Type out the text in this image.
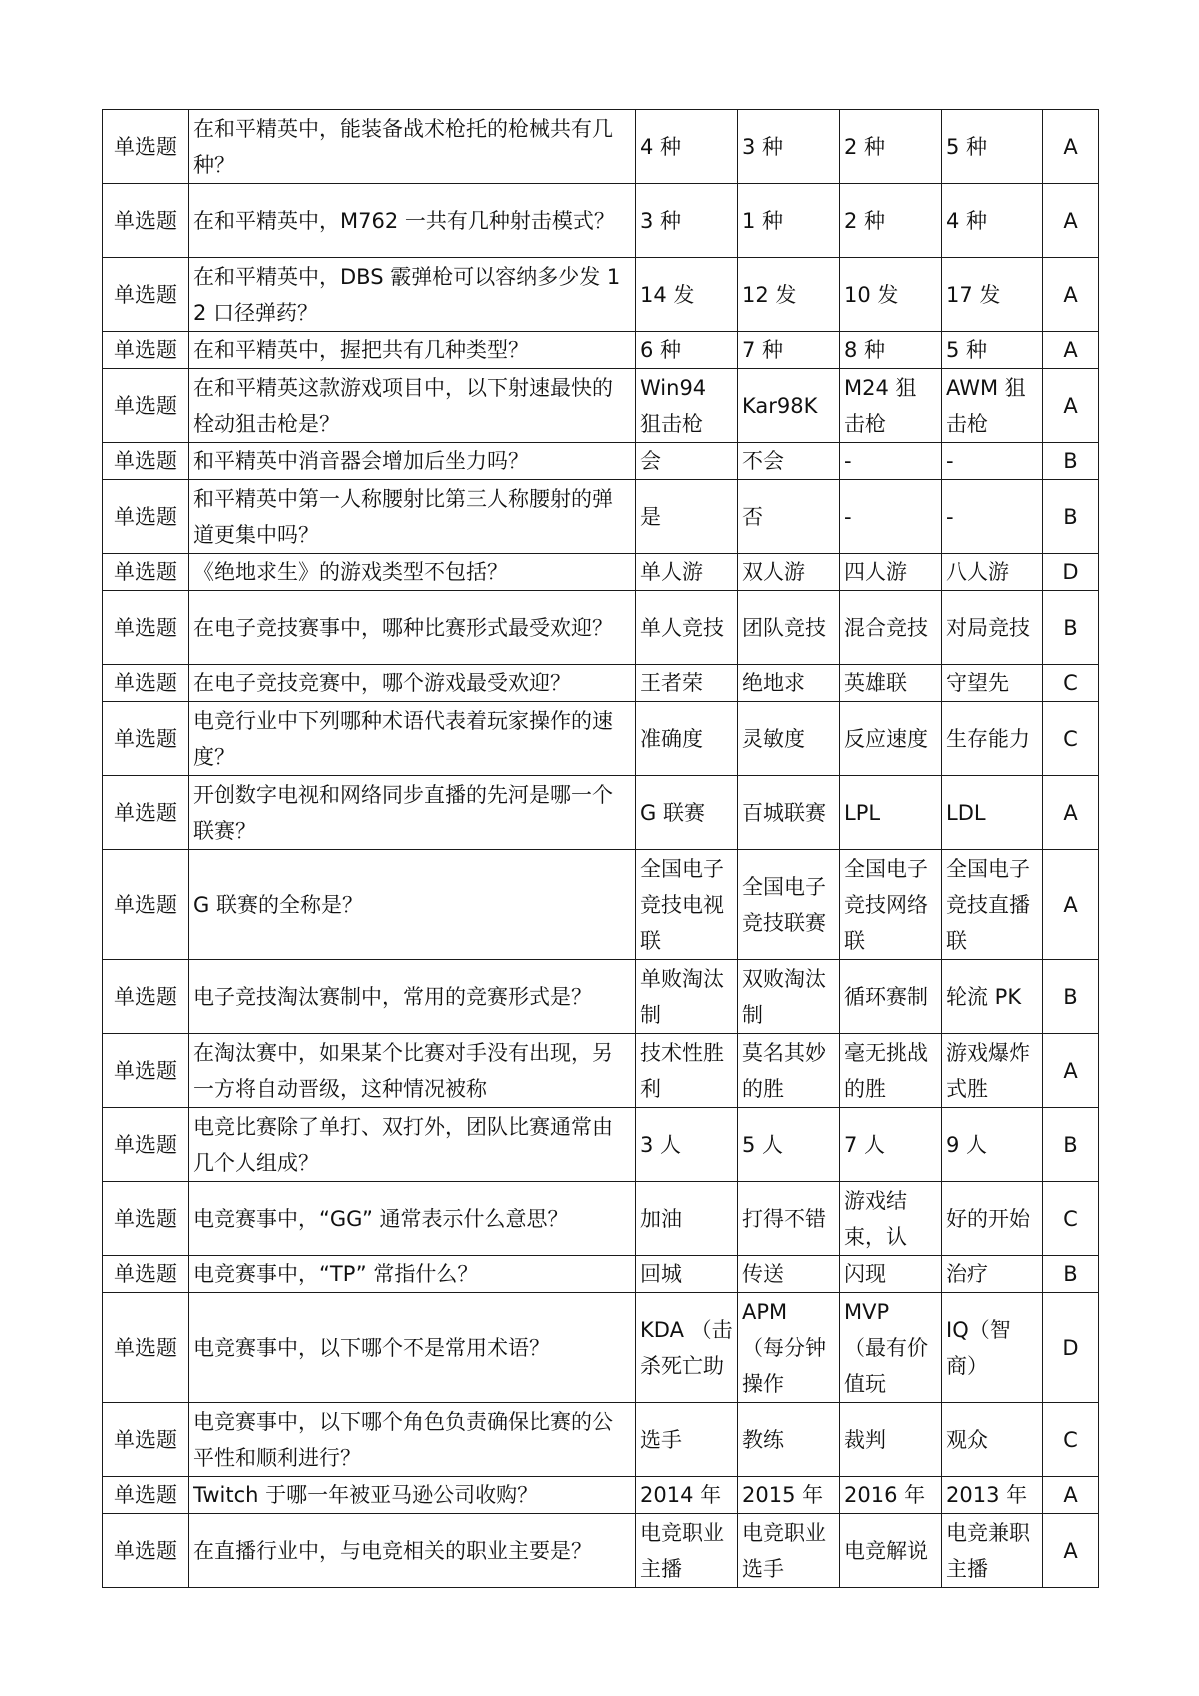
单选题	在和平精英中，能装备战术枪托的枪械共有几种？	4 种	3 种	2 种	5 种	A

单选题	在和平精英中，M762 一共有几种射击模式？	3 种	1 种	2 种	4 种	A

单选题	在和平精英中，DBS 霰弹枪可以容纳多少发 12 口径弹药？	14 发	12 发	10 发	17 发	A

单选题	在和平精英中，握把共有几种类型？	6 种	7 种	8 种	5 种	A

单选题	在和平精英这款游戏项目中，以下射速最快的栓动狙击枪是？	Win94 狙击枪	Kar98K	M24 狙击枪	AWM 狙击枪	A

单选题	和平精英中消音器会增加后坐力吗？	会	不会	-	-	B

单选题	和平精英中第一人称腰射比第三人称腰射的弹道更集中吗？	是	否	-	-	B

单选题	《绝地求生》的游戏类型不包括？	单人游	双人游	四人游	八人游	D

单选题	在电子竞技赛事中，哪种比赛形式最受欢迎？	单人竞技	团队竞技	混合竞技	对局竞技	B

单选题	在电子竞技竞赛中，哪个游戏最受欢迎？	王者荣	绝地求	英雄联	守望先	C

单选题	电竞行业中下列哪种术语代表着玩家操作的速度？	准确度	灵敏度	反应速度	生存能力	C

单选题	开创数字电视和网络同步直播的先河是哪一个联赛？	G 联赛	百城联赛	LPL	LDL	A

单选题	G 联赛的全称是？	全国电子竞技电视联	全国电子竞技联赛	全国电子竞技网络联	全国电子竞技直播联	A

单选题	电子竞技淘汰赛制中，常用的竞赛形式是？	单败淘汰制	双败淘汰制	循环赛制	轮流 PK	B

单选题	在淘汰赛中，如果某个比赛对手没有出现，另一方将自动晋级，这种情况被称	技术性胜利	莫名其妙的胜	毫无挑战的胜	游戏爆炸式胜	A

单选题	电竞比赛除了单打、双打外，团队比赛通常由几个人组成？	3 人	5 人	7 人	9 人	B

单选题	电竞赛事中，“GG” 通常表示什么意思？	加油	打得不错	游戏结束，认	好的开始	C

单选题	电竞赛事中，“TP” 常指什么？	回城	传送	闪现	治疗	B

单选题	电竞赛事中，以下哪个不是常用术语？	KDA （击杀死亡助	APM （每分钟操作	MVP （最有价值玩	IQ（智商）	D

单选题	电竞赛事中，以下哪个角色负责确保比赛的公平性和顺利进行？	选手	教练	裁判	观众	C

单选题	Twitch 于哪一年被亚马逊公司收购？	2014 年	2015 年	2016 年	2013 年	A

单选题	在直播行业中，与电竞相关的职业主要是？	电竞职业主播	电竞职业选手	电竞解说	电竞兼职主播	A
